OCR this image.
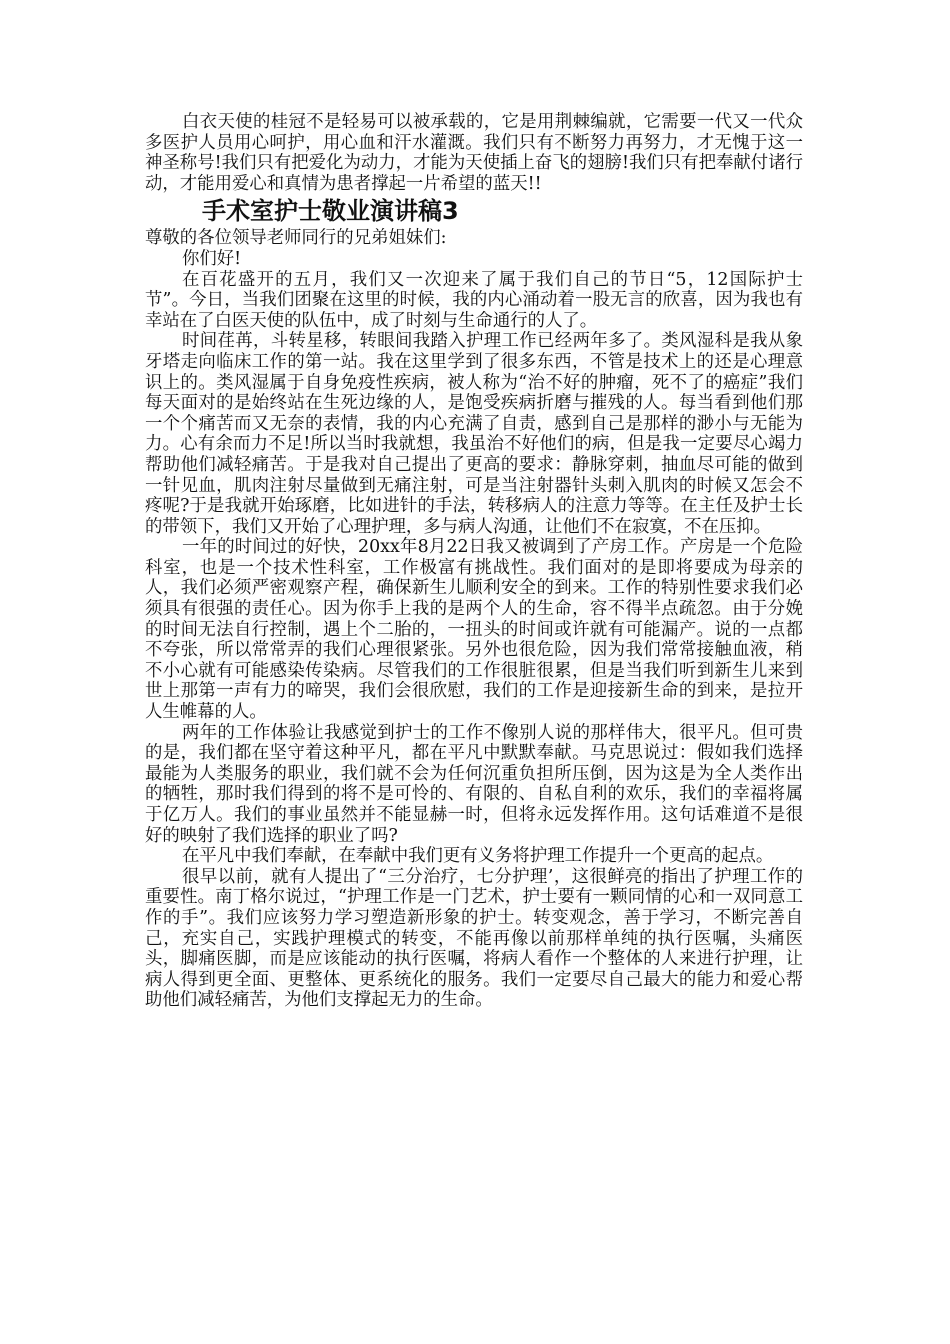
白衣天使的桂冠不是轻易可以被承载的，它是用荆棘编就，它需要一代又一代众多医护人员用心呵护，用心血和汗水灌溉。我们只有不断努力再努力，才无愧于这一神圣称号!我们只有把爱化为动力，才能为天使插上奋飞的翅膀!我们只有把奉献付诸行动，才能用爱心和真情为患者撑起一片希望的蓝天!!

手术室护士敬业演讲稿3

尊敬的各位领导老师同行的兄弟姐妹们:

你们好!

在百花盛开的五月，我们又一次迎来了属于我们自己的节日“5，12国际护士节”。今日，当我们团聚在这里的时候，我的内心涌动着一股无言的欣喜，因为我也有幸站在了白医天使的队伍中，成了时刻与生命通行的人了。

时间荏苒，斗转星移，转眼间我踏入护理工作已经两年多了。类风湿科是我从象牙塔走向临床工作的第一站。我在这里学到了很多东西，不管是技术上的还是心理意识上的。类风湿属于自身免疫性疾病，被人称为“治不好的肿瘤，死不了的癌症”我们每天面对的是始终站在生死边缘的人，是饱受疾病折磨与摧残的人。每当看到他们那一个个痛苦而又无奈的表情，我的内心充满了自责，感到自己是那样的渺小与无能为力。心有余而力不足!所以当时我就想，我虽治不好他们的病，但是我一定要尽心竭力帮助他们减轻痛苦。于是我对自己提出了更高的要求：静脉穿刺，抽血尽可能的做到一针见血，肌肉注射尽量做到无痛注射，可是当注射器针头刺入肌肉的时候又怎会不疼呢?于是我就开始琢磨，比如进针的手法，转移病人的注意力等等。在主任及护士长的带领下，我们又开始了心理护理，多与病人沟通，让他们不在寂寞，不在压抑。

一年的时间过的好快，20xx年8月22日我又被调到了产房工作。产房是一个危险科室，也是一个技术性科室，工作极富有挑战性。我们面对的是即将要成为母亲的人，我们必须严密观察产程，确保新生儿顺利安全的到来。工作的特别性要求我们必须具有很强的责任心。因为你手上我的是两个人的生命，容不得半点疏忽。由于分娩的时间无法自行控制，遇上个二胎的，一扭头的时间或许就有可能漏产。说的一点都不夸张，所以常常弄的我们心理很紧张。另外也很危险，因为我们常常接触血液，稍不小心就有可能感染传染病。尽管我们的工作很脏很累，但是当我们听到新生儿来到世上那第一声有力的啼哭，我们会很欣慰，我们的工作是迎接新生命的到来，是拉开人生帷幕的人。

两年的工作体验让我感觉到护士的工作不像别人说的那样伟大，很平凡。但可贵的是，我们都在坚守着这种平凡，都在平凡中默默奉献。马克思说过：假如我们选择最能为人类服务的职业，我们就不会为任何沉重负担所压倒，因为这是为全人类作出的牺牲，那时我们得到的将不是可怜的、有限的、自私自利的欢乐，我们的幸福将属于亿万人。我们的事业虽然并不能显赫一时，但将永远发挥作用。这句话难道不是很好的映射了我们选择的职业了吗?

在平凡中我们奉献，在奉献中我们更有义务将护理工作提升一个更高的起点。

很早以前，就有人提出了“三分治疗，七分护理’，这很鲜亮的指出了护理工作的重要性。南丁格尔说过，“护理工作是一门艺术，护士要有一颗同情的心和一双同意工作的手”。我们应该努力学习塑造新形象的护士。转变观念，善于学习，不断完善自己，充实自己，实践护理模式的转变，不能再像以前那样单纯的执行医嘱，头痛医头，脚痛医脚，而是应该能动的执行医嘱，将病人看作一个整体的人来进行护理，让病人得到更全面、更整体、更系统化的服务。我们一定要尽自己最大的能力和爱心帮助他们减轻痛苦，为他们支撑起无力的生命。
